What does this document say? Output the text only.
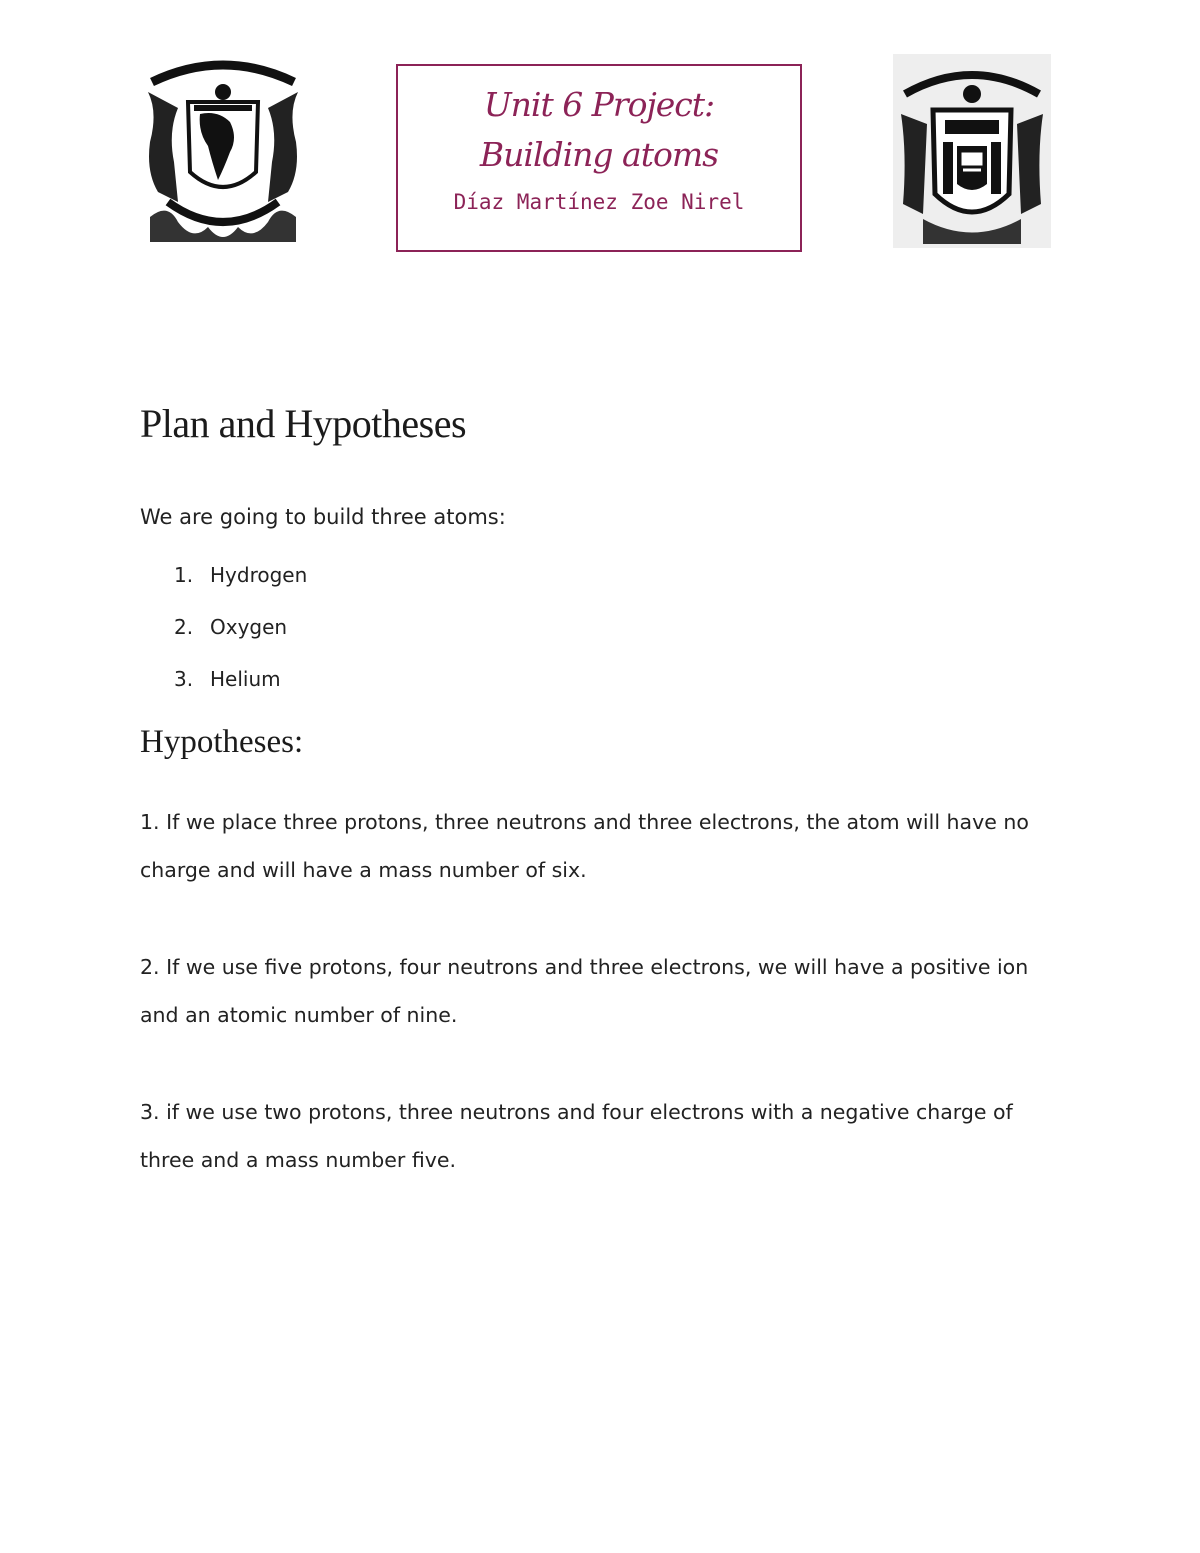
Unit 6 Project: Building atoms
Díaz Martínez Zoe Nirel
Plan and Hypotheses
We are going to build three atoms:
1. Hydrogen
2. Oxygen
3. Helium
Hypotheses:
1. If we place three protons, three neutrons and three electrons, the atom will have no charge and will have a mass number of six.
2. If we use five protons, four neutrons and three electrons, we will have a positive ion and an atomic number of nine.
3. if we use two protons, three neutrons and four electrons with a negative charge of three and a mass number five.
